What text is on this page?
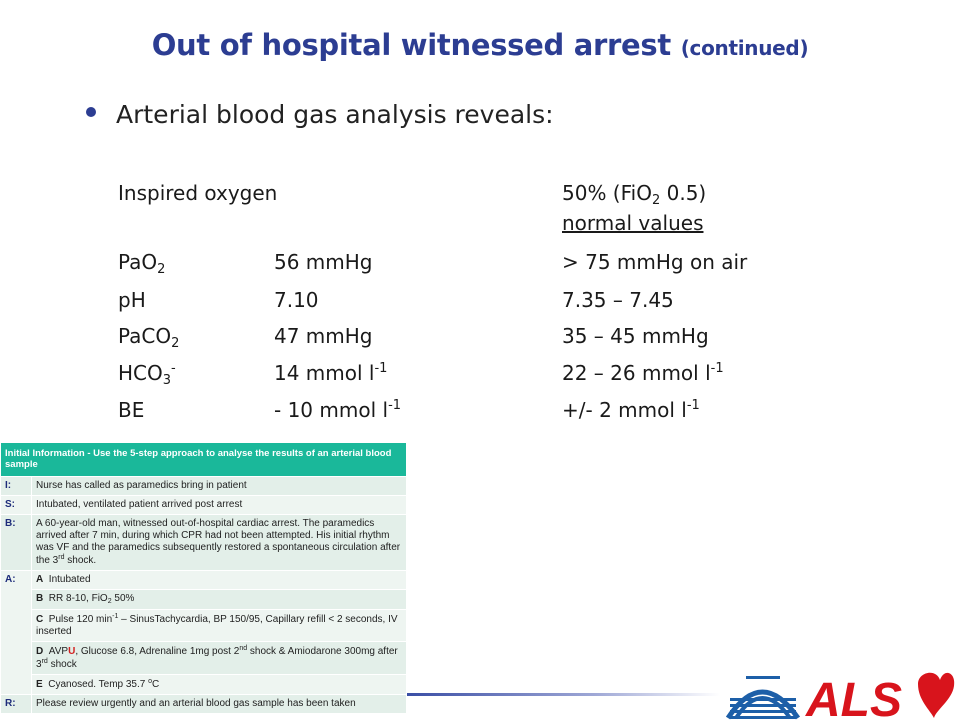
Out of hospital witnessed arrest (continued)
Arterial blood gas analysis reveals:
Inspired oxygen	50% (FiO$_2$ 0.5)
normal values
PaO$_2$	56 mmHg	> 75 mmHg on air
pH	7.10	7.35 – 7.45
PaCO$_2$	47 mmHg	35 – 45 mmHg
$HCO_3^-$	14 mmol $l^{-1}$	22 – 26 mmol $l^{-1}$
BE	- 10 mmol $l^{-1}$	+/- 2 mmol $l^{-1}$
Initial Information - Use the 5-step approach to analyse the results of an arterial blood sample	
I:	Nurse has called as paramedics bring in patient
S:	Intubated, ventilated patient arrived post arrest
B:	A 60-year-old man, witnessed out-of-hospital cardiac arrest. The paramedics arrived after 7 min, during which CPR had not been attempted. His initial rhythm was VF and the paramedics subsequently restored a spontaneous circulation after the 3rd shock.
A:	A Intubated
	B RR 8-10, FiO$_2$ 50%
	C Pulse 120 $\min^{-1}$ – SinusTachycardia, BP 150/95, Capillary refill < 2 seconds, IV inserted
	D AVPU, Glucose 6.8, Adrenaline 1mg post 2nd shock & Amiodarone 300mg after 3rd shock
	E Cyanosed. Temp 35.7 $^o$C
R:	Please review urgently and an arterial blood gas sample has been taken	ALS
